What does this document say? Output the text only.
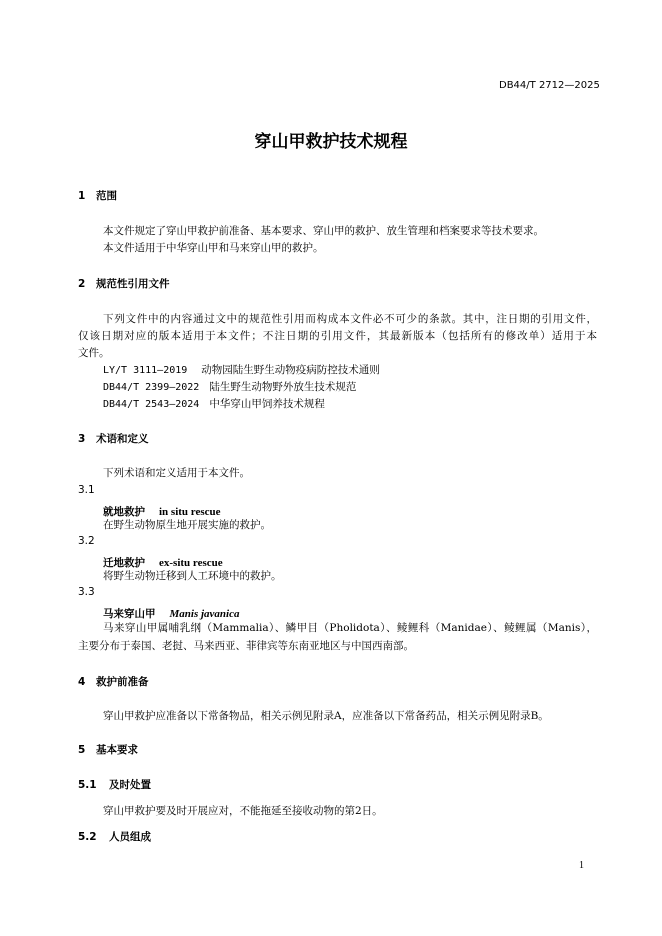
DB44/T 2712—2025
穿山甲救护技术规程
1 范围
本文件规定了穿山甲救护前准备、基本要求、穿山甲的救护、放生管理和档案要求等技术要求。
本文件适用于中华穿山甲和马来穿山甲的救护。
2 规范性引用文件
下列文件中的内容通过文中的规范性引用而构成本文件必不可少的条款。其中，注日期的引用文件，
仅该日期对应的版本适用于本文件；不注日期的引用文件，其最新版本（包括所有的修改单）适用于本
文件。
LY/T 3111—2019 动物园陆生野生动物疫病防控技术通则
DB44/T 2399—2022 陆生野生动物野外放生技术规范
DB44/T 2543—2024 中华穿山甲饲养技术规程
3 术语和定义
下列术语和定义适用于本文件。
3.1
就地救护 in situ rescue
在野生动物原生地开展实施的救护。
3.2
迁地救护 ex-situ rescue
将野生动物迁移到人工环境中的救护。
3.3
马来穿山甲 Manis javanica
马来穿山甲属哺乳纲（Mammalia）、鳞甲目（Pholidota）、鲮鲤科（Manidae）、鲮鲤属（Manis），
主要分布于泰国、老挝、马来西亚、菲律宾等东南亚地区与中国西南部。
4 救护前准备
穿山甲救护应准备以下常备物品，相关示例见附录A，应准备以下常备药品，相关示例见附录B。
5 基本要求
5.1 及时处置
穿山甲救护要及时开展应对，不能拖延至接收动物的第2日。
5.2 人员组成
1
